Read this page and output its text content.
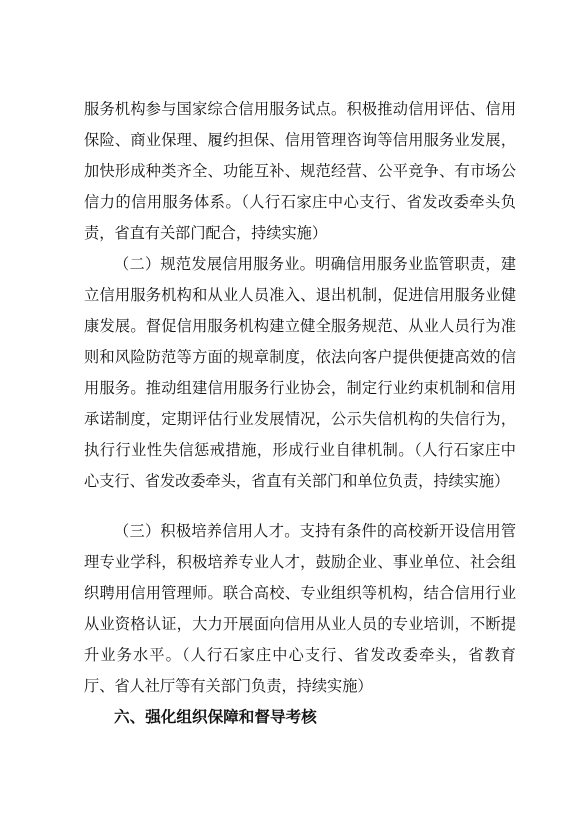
服务机构参与国家综合信用服务试点。积极推动信用评估、信用保险、商业保理、履约担保、信用管理咨询等信用服务业发展，加快形成种类齐全、功能互补、规范经营、公平竞争、有市场公信力的信用服务体系。（人行石家庄中心支行、省发改委牵头负责，省直有关部门配合，持续实施）

（二）规范发展信用服务业。明确信用服务业监管职责，建立信用服务机构和从业人员准入、退出机制，促进信用服务业健康发展。督促信用服务机构建立健全服务规范、从业人员行为准则和风险防范等方面的规章制度，依法向客户提供便捷高效的信用服务。推动组建信用服务行业协会，制定行业约束机制和信用承诺制度，定期评估行业发展情况，公示失信机构的失信行为，执行行业性失信惩戒措施，形成行业自律机制。（人行石家庄中心支行、省发改委牵头，省直有关部门和单位负责，持续实施）

（三）积极培养信用人才。支持有条件的高校新开设信用管理专业学科，积极培养专业人才，鼓励企业、事业单位、社会组织聘用信用管理师。联合高校、专业组织等机构，结合信用行业从业资格认证，大力开展面向信用从业人员的专业培训，不断提升业务水平。（人行石家庄中心支行、省发改委牵头，省教育厅、省人社厅等有关部门负责，持续实施）

六、强化组织保障和督导考核
